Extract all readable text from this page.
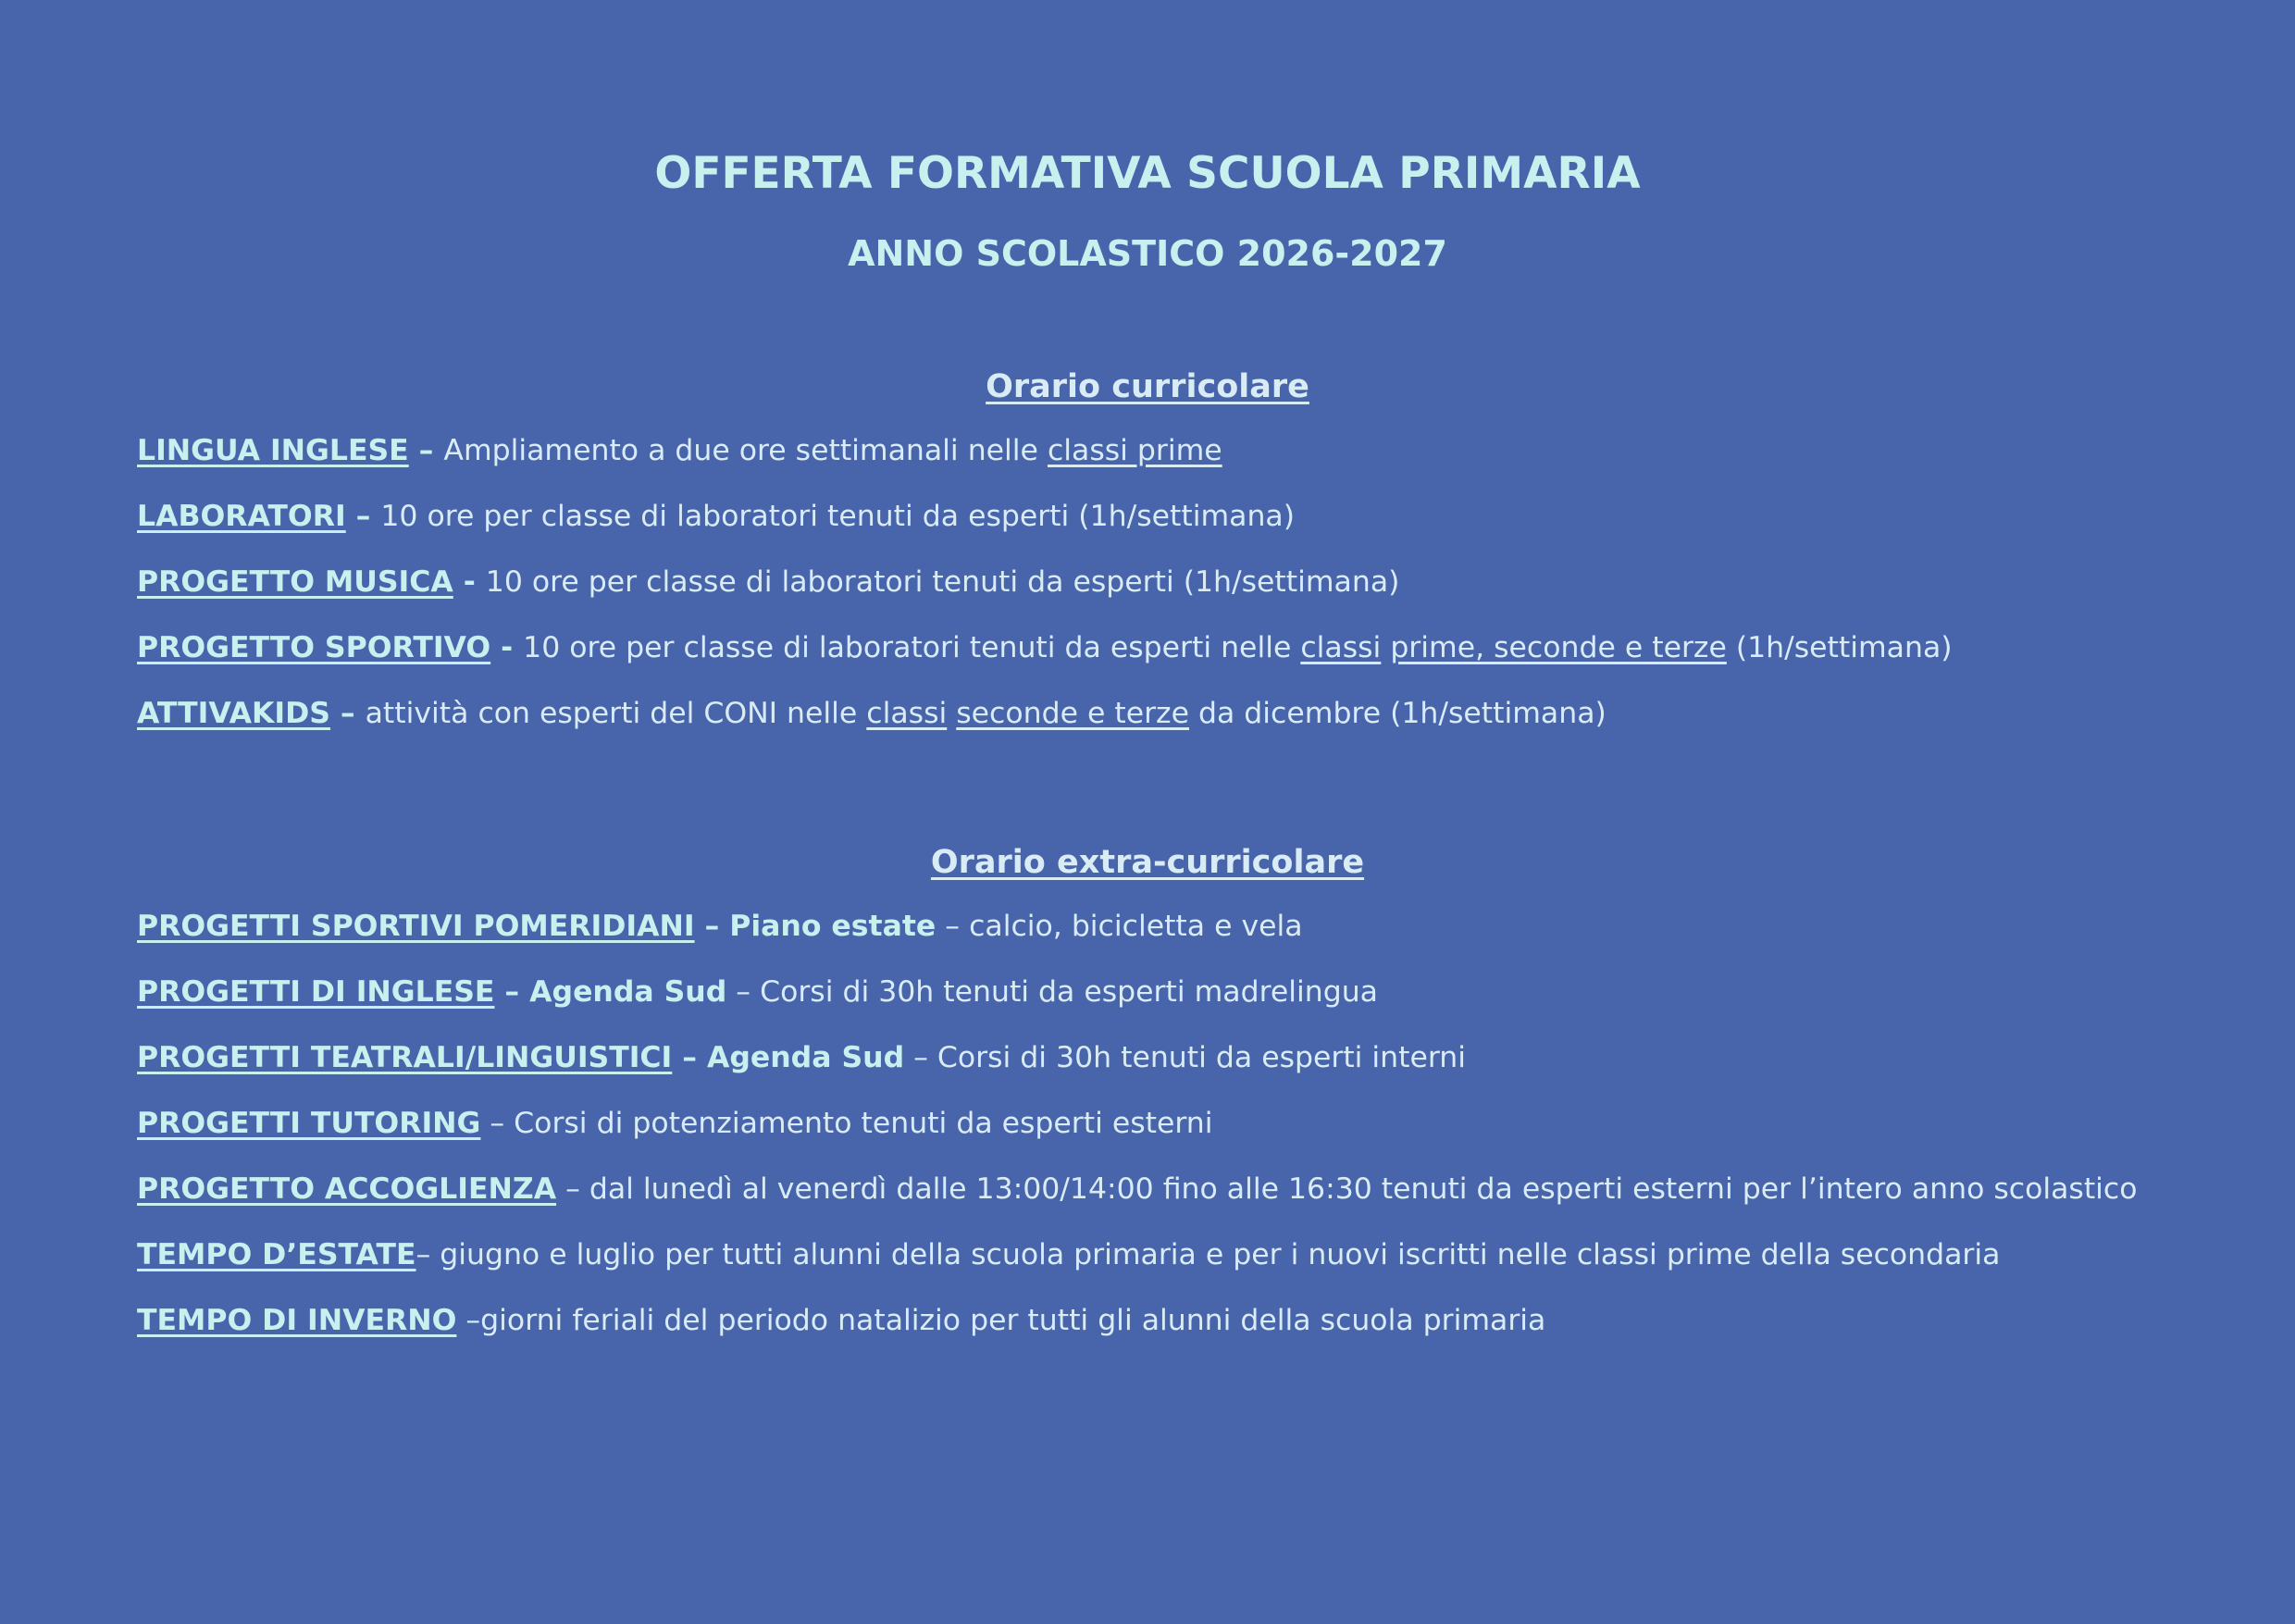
OFFERTA FORMATIVA SCUOLA PRIMARIA
ANNO SCOLASTICO 2026-2027
Orario curricolare
LINGUA INGLESE – Ampliamento a due ore settimanali nelle classi prime
LABORATORI – 10 ore per classe di laboratori tenuti da esperti (1h/settimana)
PROGETTO MUSICA - 10 ore per classe di laboratori tenuti da esperti (1h/settimana)
PROGETTO SPORTIVO - 10 ore per classe di laboratori tenuti da esperti nelle classi prime, seconde e terze (1h/settimana)
ATTIVAKIDS – attività con esperti del CONI nelle classi seconde e terze da dicembre (1h/settimana)
Orario extra-curricolare
PROGETTI SPORTIVI POMERIDIANI – Piano estate – calcio, bicicletta e vela
PROGETTI DI INGLESE – Agenda Sud – Corsi di 30h tenuti da esperti madrelingua
PROGETTI TEATRALI/LINGUISTICI – Agenda Sud – Corsi di 30h tenuti da esperti interni
PROGETTI TUTORING – Corsi di potenziamento tenuti da esperti esterni
PROGETTO ACCOGLIENZA – dal lunedì al venerdì dalle 13:00/14:00 fino alle 16:30 tenuti da esperti esterni per l’intero anno scolastico
TEMPO D’ESTATE– giugno e luglio per tutti alunni della scuola primaria e per i nuovi iscritti nelle classi prime della secondaria
TEMPO DI INVERNO –giorni feriali del periodo natalizio per tutti gli alunni della scuola primaria
